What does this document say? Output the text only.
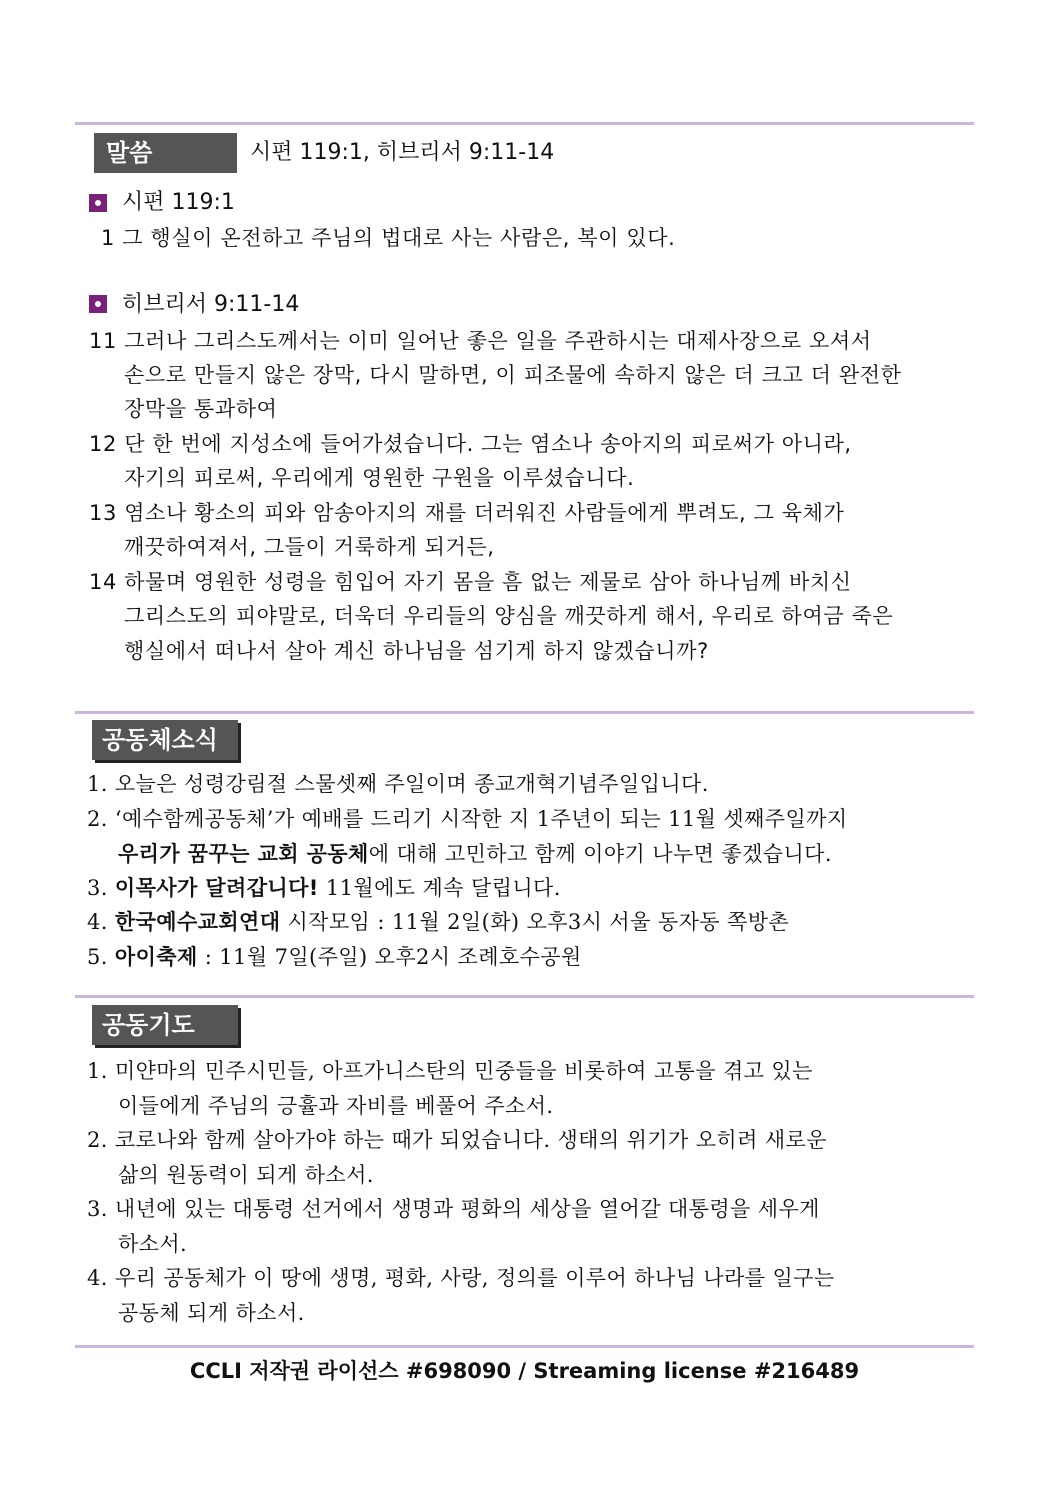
말씀	시편 119:1, 히브리서 9:11-14
시편 119:1
1 그 행실이 온전하고 주님의 법대로 사는 사람은, 복이 있다.
히브리서 9:11-14
11 그러나 그리스도께서는 이미 일어난 좋은 일을 주관하시는 대제사장으로 오셔서
손으로 만들지 않은 장막, 다시 말하면, 이 피조물에 속하지 않은 더 크고 더 완전한
장막을 통과하여
12 단 한 번에 지성소에 들어가셨습니다. 그는 염소나 송아지의 피로써가 아니라,
자기의 피로써, 우리에게 영원한 구원을 이루셨습니다.
13 염소나 황소의 피와 암송아지의 재를 더러워진 사람들에게 뿌려도, 그 육체가
깨끗하여져서, 그들이 거룩하게 되거든,
14 하물며 영원한 성령을 힘입어 자기 몸을 흠 없는 제물로 삼아 하나님께 바치신
그리스도의 피야말로, 더욱더 우리들의 양심을 깨끗하게 해서, 우리로 하여금 죽은
행실에서 떠나서 살아 계신 하나님을 섬기게 하지 않겠습니까?
공동체소식
1. 오늘은 성령강림절 스물셋째 주일이며 종교개혁기념주일입니다.
2. ‘예수함께공동체’가 예배를 드리기 시작한 지 1주년이 되는 11월 셋째주일까지
우리가 꿈꾸는 교회 공동체에 대해 고민하고 함께 이야기 나누면 좋겠습니다.
3. 이목사가 달려갑니다! 11월에도 계속 달립니다.
4. 한국예수교회연대 시작모임 : 11월 2일(화) 오후3시 서울 동자동 쪽방촌
5. 아이축제 : 11월 7일(주일) 오후2시 조례호수공원
공동기도
1. 미얀마의 민주시민들, 아프가니스탄의 민중들을 비롯하여 고통을 겪고 있는
이들에게 주님의 긍휼과 자비를 베풀어 주소서.
2. 코로나와 함께 살아가야 하는 때가 되었습니다. 생태의 위기가 오히려 새로운
삶의 원동력이 되게 하소서.
3. 내년에 있는 대통령 선거에서 생명과 평화의 세상을 열어갈 대통령을 세우게
하소서.
4. 우리 공동체가 이 땅에 생명, 평화, 사랑, 정의를 이루어 하나님 나라를 일구는
공동체 되게 하소서.
CCLI 저작권 라이선스 #698090 / Streaming license #216489
